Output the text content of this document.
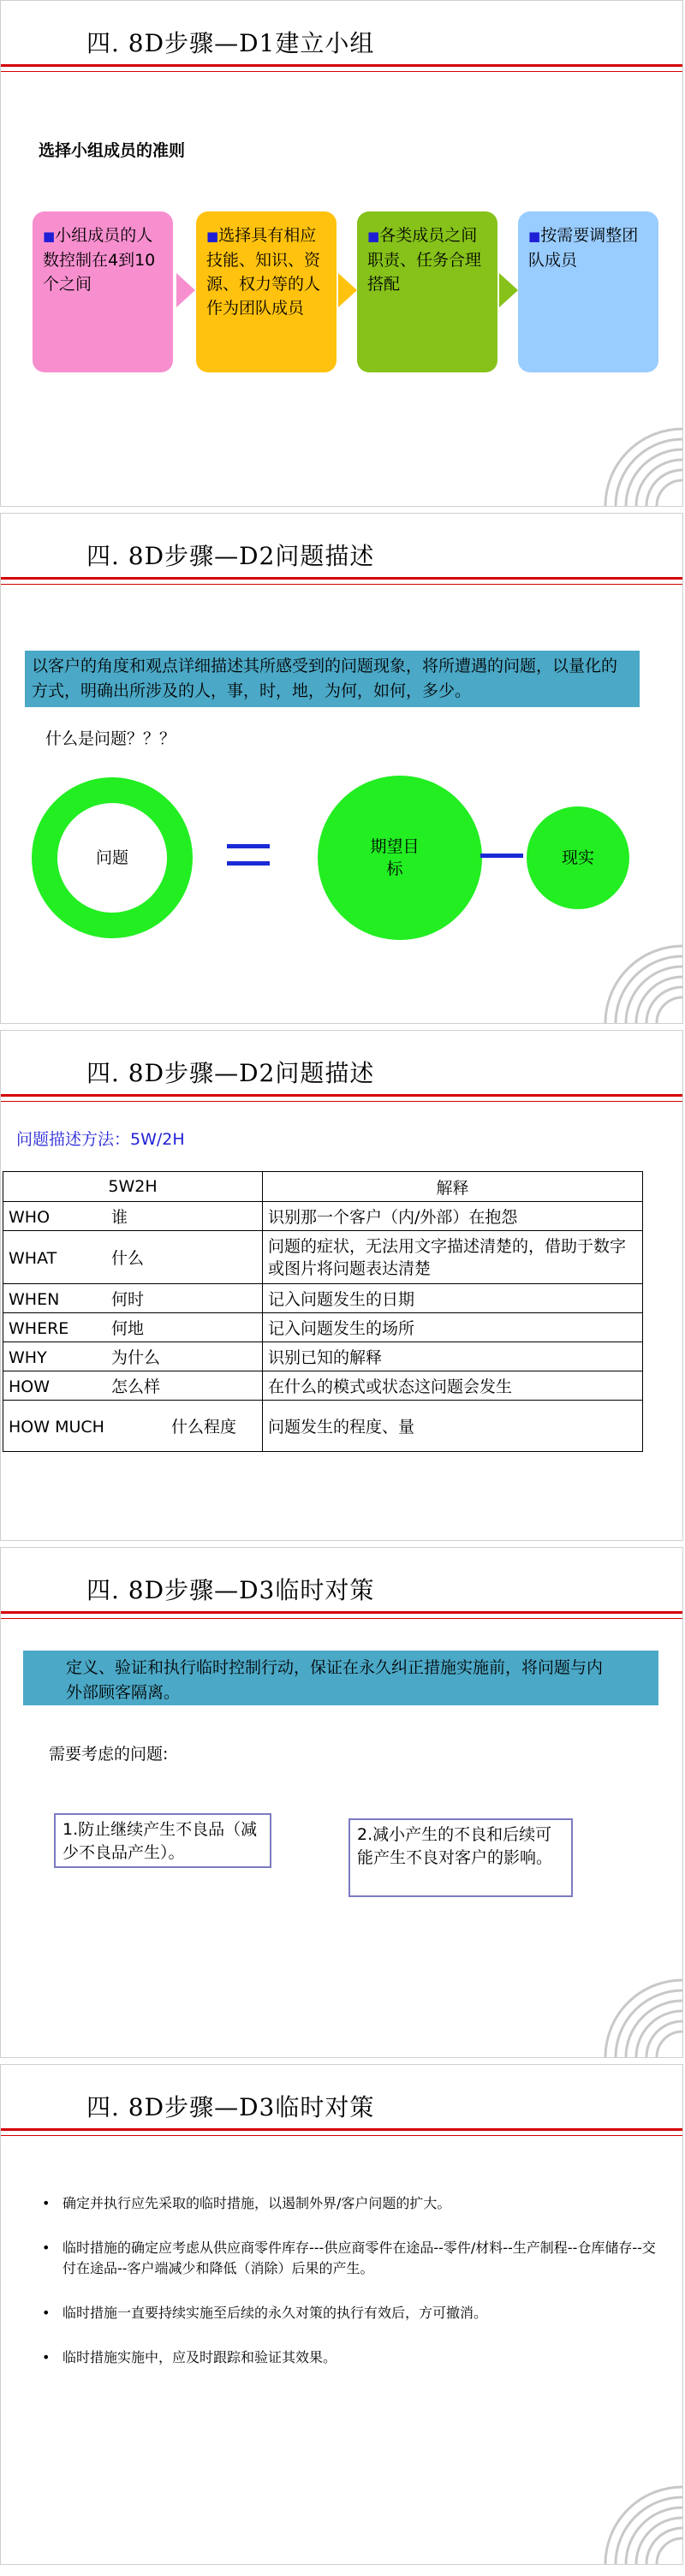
四. 8D步骤—D1建立小组
选择小组成员的准则
■小组成员的人数控制在4到10个之间
■选择具有相应技能、知识、资源、权力等的人作为团队成员
■各类成员之间职责、任务合理搭配
■按需要调整团队成员
四. 8D步骤—D2问题描述
以客户的角度和观点详细描述其所感受到的问题现象，将所遭遇的问题，以量化的方式，明确出所涉及的人，事，时，地，为何，如何，多少。
什么是问题？？？
问题
期望目标
现实
四. 8D步骤—D2问题描述
问题描述方法：5W/2H
5W2H	解释
WHO 谁	识别那一个客户（内/外部）在抱怨
WHAT 什么	问题的症状，无法用文字描述清楚的，借助于数字或图片将问题表达清楚
WHEN 何时	记入问题发生的日期
WHERE 何地	记入问题发生的场所
WHY 为什么	识别已知的解释
HOW 怎么样	在什么的模式或状态这问题会发生
HOW MUCH 什么程度	问题发生的程度、量
四. 8D步骤—D3临时对策
定义、验证和执行临时控制行动，保证在永久纠正措施实施前，将问题与内外部顾客隔离。
需要考虑的问题:
1.防止继续产生不良品（减少不良品产生）。
2.减小产生的不良和后续可能产生不良对客户的影响。
四. 8D步骤—D3临时对策
• 确定并执行应先采取的临时措施，以遏制外界/客户问题的扩大。
• 临时措施的确定应考虑从供应商零件库存---供应商零件在途品--零件/材料--生产制程--仓库储存--交付在途品--客户端减少和降低（消除）后果的产生。
• 临时措施一直要持续实施至后续的永久对策的执行有效后，方可撤消。
• 临时措施实施中，应及时跟踪和验证其效果。
